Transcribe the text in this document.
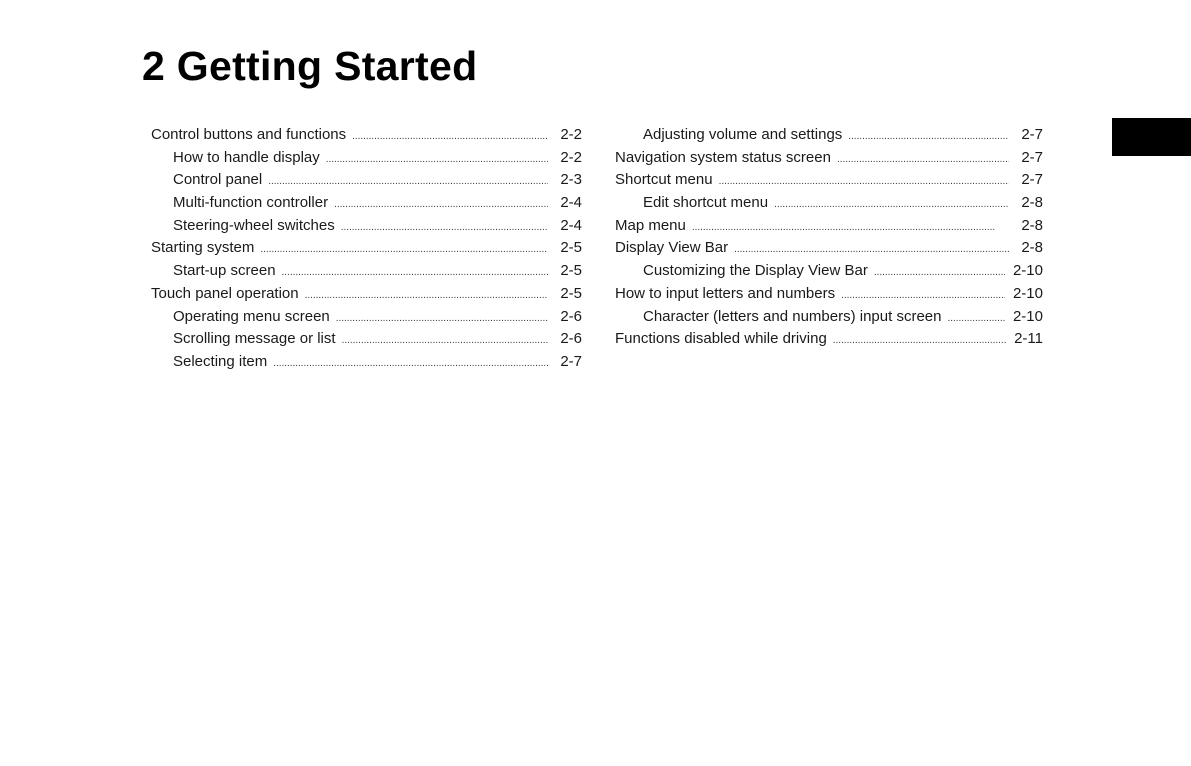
2 Getting Started
Control buttons and functions . . .	2-2
How to handle display . . .	2-2
Control panel . . .	2-3
Multi-function controller . . .	2-4
Steering-wheel switches . . .	2-4
Starting system . . .	2-5
Start-up screen . . .	2-5
Touch panel operation . . .	2-5
Operating menu screen . . .	2-6
Scrolling message or list . . .	2-6
Selecting item . . .	2-7
Adjusting volume and settings . . .	2-7
Navigation system status screen . . .	2-7
Shortcut menu . . .	2-7
Edit shortcut menu . . .	2-8
Map menu . . .	2-8
Display View Bar . . .	2-8
Customizing the Display View Bar . . .	2-10
How to input letters and numbers . . .	2-10
Character (letters and numbers) input screen . . .	2-10
Functions disabled while driving . . .	2-11
